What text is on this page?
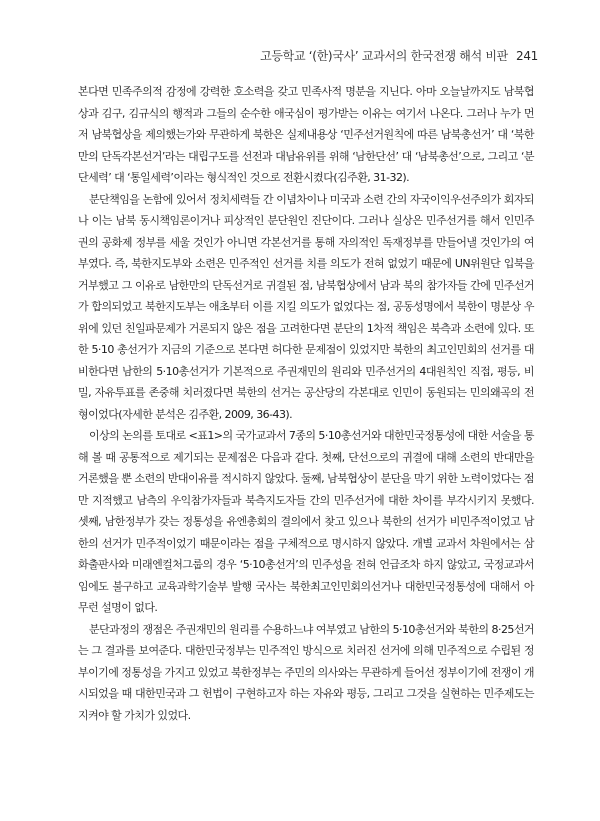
고등학교 ‘(한)국사’ 교과서의 한국전쟁 해석 비판 241

본다면 민족주의적 감정에 강력한 호소력을 갖고 민족사적 명분을 지닌다. 아마 오늘날까지도 남북협상과 김구, 김규식의 행적과 그들의 순수한 애국심이 평가받는 이유는 여기서 나온다. 그러나 누가 먼저 남북협상을 제의했는가와 무관하게 북한은 실제내용상 ‘민주선거원칙에 따른 남북총선거’ 대 ‘북한만의 단독각본선거’라는 대립구도를 선전과 대남유위를 위해 ‘남한단선’ 대 ‘남북총선’으로, 그리고 ‘분단세력’ 대 ‘통일세력’이라는 형식적인 것으로 전환시켰다(김주환, 31-32).

분단책임을 논함에 있어서 정치세력들 간 이념차이나 미국과 소련 간의 자국이익우선주의가 회자되나 이는 남북 동시책임론이거나 피상적인 분단원인 진단이다. 그러나 실상은 민주선거를 해서 인민주권의 공화제 정부를 세울 것인가 아니면 각본선거를 통해 자의적인 독재정부를 만들어낼 것인가의 여부였다. 즉, 북한지도부와 소련은 민주적인 선거를 치를 의도가 전혀 없었기 때문에 UN위원단 입북을 거부했고 그 이유로 남한만의 단독선거로 귀결된 점, 남북협상에서 남과 북의 참가자들 간에 민주선거가 합의되었고 북한지도부는 애초부터 이를 지킬 의도가 없었다는 점, 공동성명에서 북한이 명분상 우위에 있던 친일파문제가 거론되지 않은 점을 고려한다면 분단의 1차적 책임은 북측과 소련에 있다. 또한 5·10 총선거가 지금의 기준으로 본다면 허다한 문제점이 있었지만 북한의 최고인민회의 선거를 대비한다면 남한의 5·10총선거가 기본적으로 주권재민의 원리와 민주선거의 4대원칙인 직접, 평등, 비밀, 자유투표를 존중해 치러졌다면 북한의 선거는 공산당의 각본대로 인민이 동원되는 민의왜곡의 전형이었다(자세한 분석은 김주환, 2009, 36-43).

이상의 논의를 토대로 <표1>의 국가교과서 7종의 5·10총선거와 대한민국정통성에 대한 서술을 통해 볼 때 공통적으로 제기되는 문제점은 다음과 같다. 첫째, 단선으로의 귀결에 대해 소련의 반대만을 거론했을 뿐 소련의 반대이유를 적시하지 않았다. 둘째, 남북협상이 분단을 막기 위한 노력이었다는 점만 지적했고 남측의 우익참가자들과 북측지도자들 간의 민주선거에 대한 차이를 부각시키지 못했다. 셋째, 남한정부가 갖는 정통성을 유엔총회의 결의에서 찾고 있으나 북한의 선거가 비민주적이었고 남한의 선거가 민주적이었기 때문이라는 점을 구체적으로 명시하지 않았다. 개별 교과서 차원에서는 삼화출판사와 미래엔컬처그룹의 경우 ‘5·10총선거’의 민주성을 전혀 언급조차 하지 않았고, 국정교과서임에도 불구하고 교육과학기술부 발행 국사는 북한최고인민회의선거나 대한민국정통성에 대해서 아무런 설명이 없다.

분단과정의 쟁점은 주권재민의 원리를 수용하느냐 여부였고 남한의 5·10총선거와 북한의 8·25선거는 그 결과를 보여준다. 대한민국정부는 민주적인 방식으로 치러진 선거에 의해 민주적으로 수립된 정부이기에 정통성을 가지고 있었고 북한정부는 주민의 의사와는 무관하게 들어선 정부이기에 전쟁이 개시되었을 때 대한민국과 그 헌법이 구현하고자 하는 자유와 평등, 그리고 그것을 실현하는 민주제도는 지켜야 할 가치가 있었다.
